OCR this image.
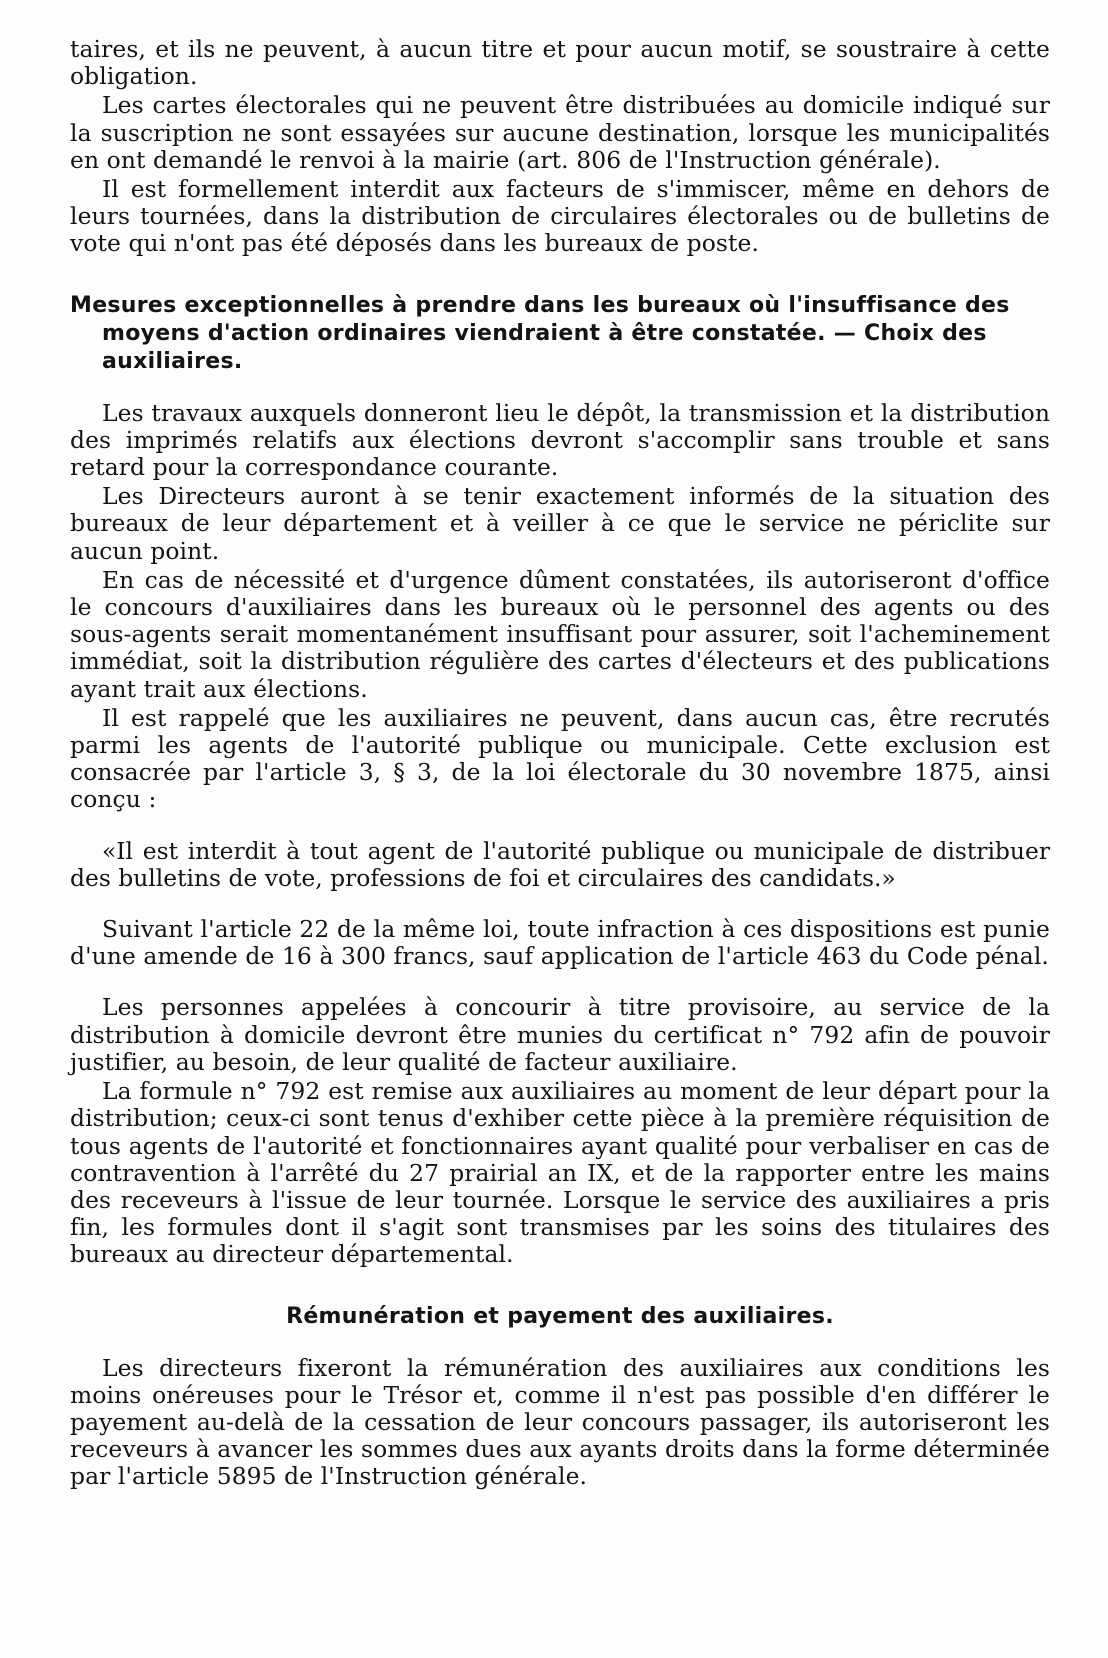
taires, et ils ne peuvent, à aucun titre et pour aucun motif, se soustraire à cette obligation.

Les cartes électorales qui ne peuvent être distribuées au domicile indiqué sur la suscription ne sont essayées sur aucune destination, lorsque les municipalités en ont demandé le renvoi à la mairie (art. 806 de l'Instruction générale).

Il est formellement interdit aux facteurs de s'immiscer, même en dehors de leurs tournées, dans la distribution de circulaires électorales ou de bulletins de vote qui n'ont pas été déposés dans les bureaux de poste.

Mesures exceptionnelles à prendre dans les bureaux où l'insuffisance des moyens d'action ordinaires viendraient à être constatée. — Choix des auxiliaires.

Les travaux auxquels donneront lieu le dépôt, la transmission et la distribution des imprimés relatifs aux élections devront s'accomplir sans trouble et sans retard pour la correspondance courante.

Les Directeurs auront à se tenir exactement informés de la situation des bureaux de leur département et à veiller à ce que le service ne périclite sur aucun point.

En cas de nécessité et d'urgence dûment constatées, ils autoriseront d'office le concours d'auxiliaires dans les bureaux où le personnel des agents ou des sous-agents serait momentanément insuffisant pour assurer, soit l'acheminement immédiat, soit la distribution régulière des cartes d'électeurs et des publications ayant trait aux élections.

Il est rappelé que les auxiliaires ne peuvent, dans aucun cas, être recrutés parmi les agents de l'autorité publique ou municipale. Cette exclusion est consacrée par l'article 3, § 3, de la loi électorale du 30 novembre 1875, ainsi conçu :

«Il est interdit à tout agent de l'autorité publique ou municipale de distribuer des bulletins de vote, professions de foi et circulaires des candidats.»

Suivant l'article 22 de la même loi, toute infraction à ces dispositions est punie d'une amende de 16 à 300 francs, sauf application de l'article 463 du Code pénal.

Les personnes appelées à concourir à titre provisoire, au service de la distribution à domicile devront être munies du certificat n° 792 afin de pouvoir justifier, au besoin, de leur qualité de facteur auxiliaire.

La formule n° 792 est remise aux auxiliaires au moment de leur départ pour la distribution; ceux-ci sont tenus d'exhiber cette pièce à la première réquisition de tous agents de l'autorité et fonctionnaires ayant qualité pour verbaliser en cas de contravention à l'arrêté du 27 prairial an IX, et de la rapporter entre les mains des receveurs à l'issue de leur tournée. Lorsque le service des auxiliaires a pris fin, les formules dont il s'agit sont transmises par les soins des titulaires des bureaux au directeur départemental.

Rémunération et payement des auxiliaires.

Les directeurs fixeront la rémunération des auxiliaires aux conditions les moins onéreuses pour le Trésor et, comme il n'est pas possible d'en différer le payement au-delà de la cessation de leur concours passager, ils autoriseront les receveurs à avancer les sommes dues aux ayants droits dans la forme déterminée par l'article 5895 de l'Instruction générale.
